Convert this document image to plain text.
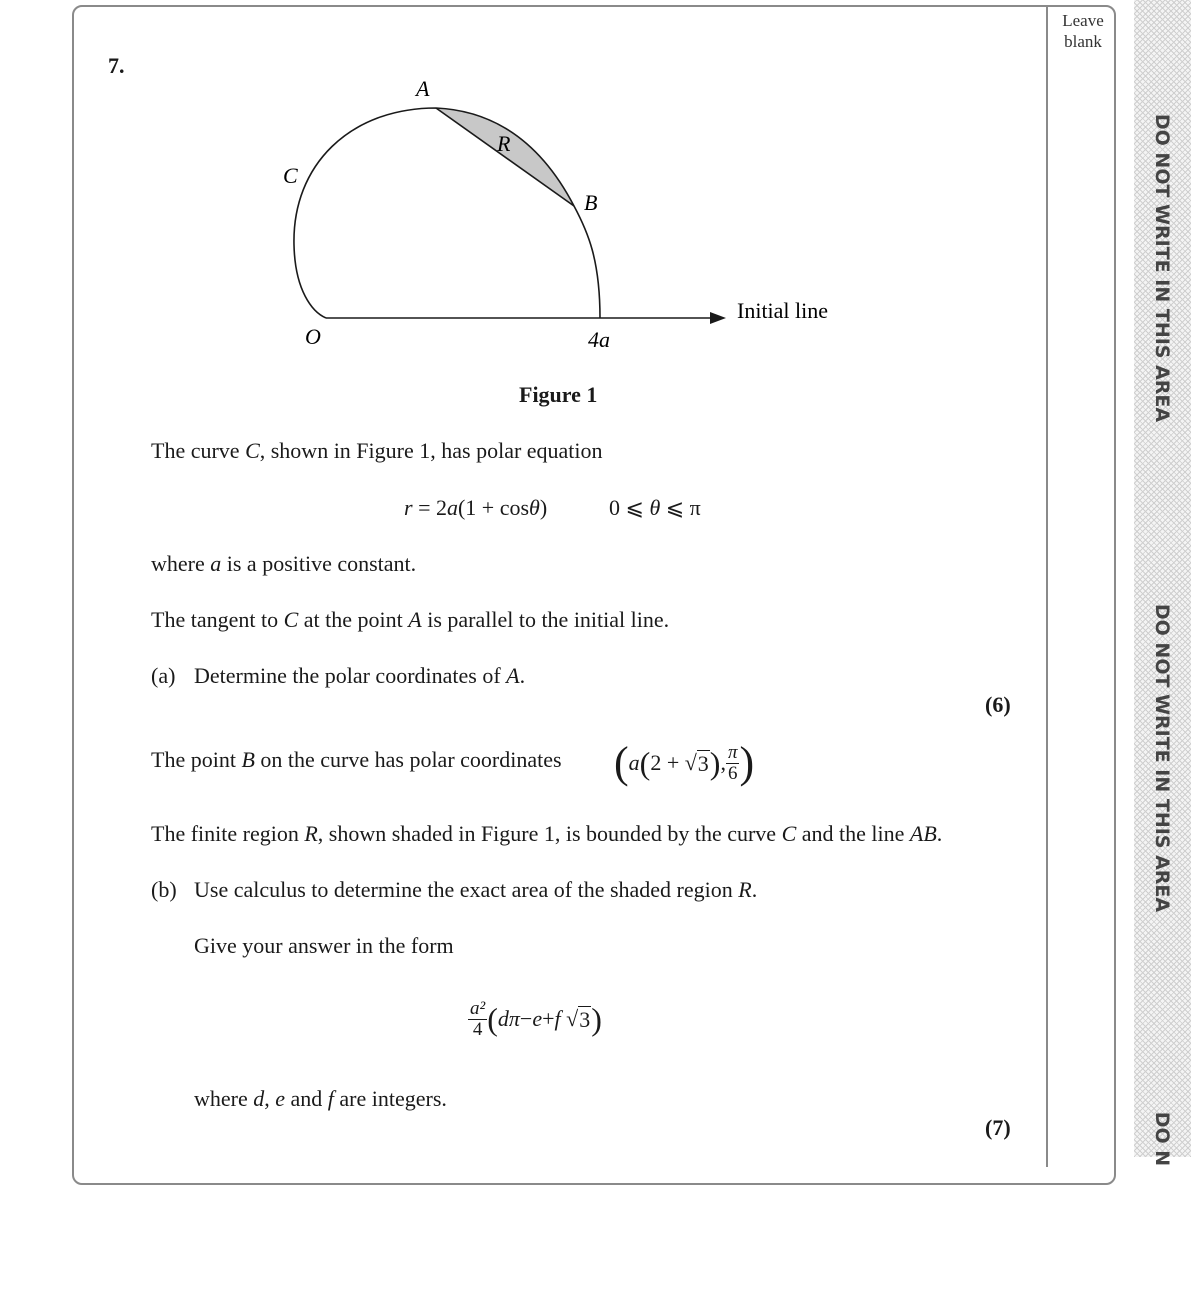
Leave blank
DO NOT WRITE IN THIS AREA
DO NOT WRITE IN THIS AREA
DO N
7.
A
R
C
B
O	4a
Initial line
Figure 1
The curve C, shown in Figure 1, has polar equation
r = 2a(1 + cosθ)	0 ⩽ θ ⩽ π
where a is a positive constant.
The tangent to C at the point A is parallel to the initial line.
(a) Determine the polar coordinates of A.
(6)
The point B on the curve has polar coordinates ( a ( 2 + √ 3 ) , $\frac{\pi}{6}$ )
The finite region R, shown shaded in Figure 1, is bounded by the curve C and the line AB.
(b) Use calculus to determine the exact area of the shaded region R.
Give your answer in the form
$\frac{\text{a²}}{4}$ ( d π − e + f
√ 3 )
where d, e and f are integers.
(7)
